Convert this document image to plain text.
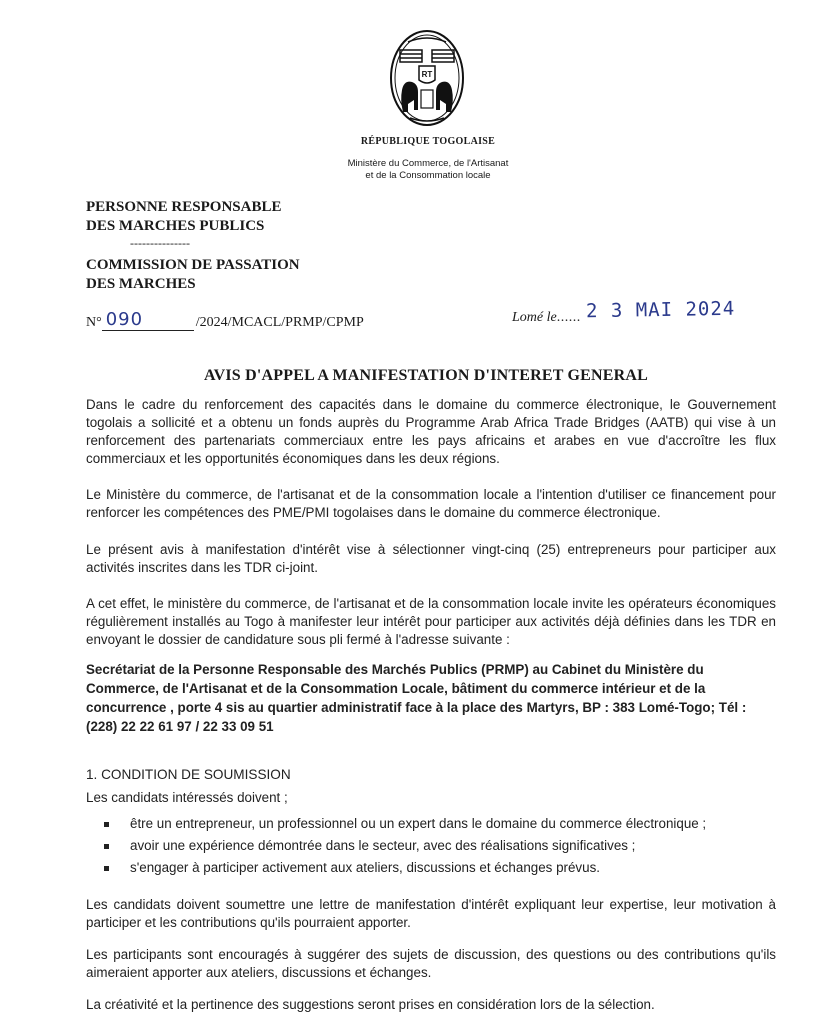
RT
RÉPUBLIQUE TOGOLAISE
Ministère du Commerce, de l'Artisanat
et de la Consommation locale
PERSONNE RESPONSABLE
DES MARCHES PUBLICS
---------------
COMMISSION DE PASSATION
DES MARCHES
N° 090	/2024/MCACL/PRMP/CPMP	Lomé le...... 2 3 MAI 2024
AVIS D'APPEL A MANIFESTATION D'INTERET GENERAL
Dans le cadre du renforcement des capacités dans le domaine du commerce électronique, le Gouvernement togolais a sollicité et a obtenu un fonds auprès du Programme Arab Africa Trade Bridges (AATB) qui vise à un renforcement des partenariats commerciaux entre les pays africains et arabes en vue d'accroître les flux commerciaux et les opportunités économiques dans les deux régions.
Le Ministère du commerce, de l'artisanat et de la consommation locale a l'intention d'utiliser ce financement pour renforcer les compétences des PME/PMI togolaises dans le domaine du commerce électronique.
Le présent avis à manifestation d'intérêt vise à sélectionner vingt-cinq (25) entrepreneurs pour participer aux activités inscrites dans les TDR ci-joint.
A cet effet, le ministère du commerce, de l'artisanat et de la consommation locale invite les opérateurs économiques régulièrement installés au Togo à manifester leur intérêt pour participer aux activités déjà définies dans les TDR en envoyant le dossier de candidature sous pli fermé à l'adresse suivante :
Secrétariat de la Personne Responsable des Marchés Publics (PRMP) au Cabinet du Ministère du Commerce, de l'Artisanat et de la Consommation Locale, bâtiment du commerce intérieur et de la concurrence , porte 4 sis au quartier administratif face à la place des Martyrs, BP : 383 Lomé-Togo; Tél : (228) 22 22 61 97 / 22 33 09 51
1. CONDITION DE SOUMISSION
Les candidats intéressés doivent ;
être un entrepreneur, un professionnel ou un expert dans le domaine du commerce électronique ;
avoir une expérience démontrée dans le secteur, avec des réalisations significatives ;
s'engager à participer activement aux ateliers, discussions et échanges prévus.
Les candidats doivent soumettre une lettre de manifestation d'intérêt expliquant leur expertise, leur motivation à participer et les contributions qu'ils pourraient apporter.
Les participants sont encouragés à suggérer des sujets de discussion, des questions ou des contributions qu'ils aimeraient apporter aux ateliers, discussions et échanges.
La créativité et la pertinence des suggestions seront prises en considération lors de la sélection.
